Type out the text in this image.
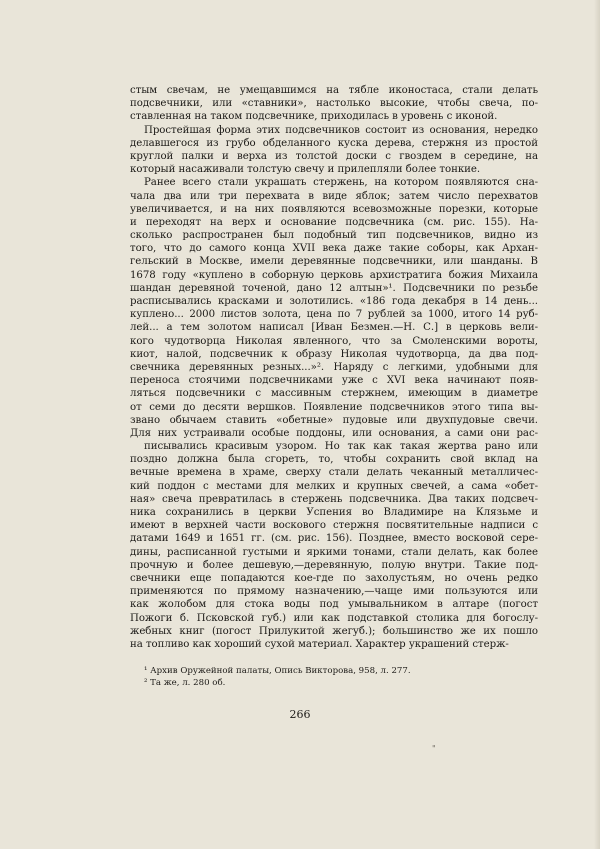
стым свечам, не умещавшимся на тябле иконостаса, стали делать
подсвечники, или «ставники», настолько высокие, чтобы свеча, по-
ставленная на таком подсвечнике, приходилась в уровень с иконой.
Простейшая форма этих подсвечников состоит из основания, нередко
делавшегося из грубо обделанного куска дерева, стержня из простой
круглой палки и верха из толстой доски с гвоздем в середине, на
который насаживали толстую свечу и прилепляли более тонкие.
Ранее всего стали украшать стержень, на котором появляются сна-
чала два или три перехвата в виде яблок; затем число перехватов
увеличивается, и на них появляются всевозможные порезки, которые
и переходят на верх и основание подсвечника (см. рис. 155). На-
сколько распространен был подобный тип подсвечников, видно из
того, что до самого конца XVII века даже такие соборы, как Архан-
гельский в Москве, имели деревянные подсвечники, или шанданы. В
1678 году «куплено в соборную церковь архистратига божия Михаила
шандан деревяной точеной, дано 12 алтын»¹. Подсвечники по резьбе
расписывались красками и золотились. «186 года декабря в 14 день...
куплено... 2000 листов золота, цена по 7 рублей за 1000, итого 14 руб-
лей... а тем золотом написал [Иван Безмен.—Н. С.] в церковь вели-
кого чудотворца Николая явленного, что за Смоленскими вороты,
киот, налой, подсвечник к образу Николая чудотворца, да два под-
свечника деревянных резных...»². Наряду с легкими, удобными для
переноса стоячими подсвечниками уже с XVI века начинают появ-
ляться подсвечники с массивным стержнем, имеющим в диаметре
от семи до десяти вершков. Появление подсвечников этого типа вы-
звано обычаем ставить «обетные» пудовые или двухпудовые свечи.
Для них устраивали особые поддоны, или основания, а сами они рас-
писывались красивым узором. Но так как такая жертва рано или
поздно должна была сгореть, то, чтобы сохранить свой вклад на
вечные времена в храме, сверху стали делать чеканный металличес-
кий поддон с местами для мелких и крупных свечей, а сама «обет-
ная» свеча превратилась в стержень подсвечника. Два таких подсвеч-
ника сохранились в церкви Успения во Владимире на Клязьме и
имеют в верхней части воскового стержня посвятительные надписи с
датами 1649 и 1651 гг. (см. рис. 156). Позднее, вместо восковой сере-
дины, расписанной густыми и яркими тонами, стали делать, как более
прочную и более дешевую,—деревянную, полую внутри. Такие под-
свечники еще попадаются кое-где по захолустьям, но очень редко
применяются по прямому назначению,—чаще ими пользуются или
как жолобом для стока воды под умывальником в алтаре (погост
Пожоги б. Псковской губ.) или как подставкой столика для богослу-
жебных книг (погост Прилукитой жегуб.); большинство же их пошло
на топливо как хороший сухой материал. Характер украшений стерж-
¹ Архив Оружейной палаты, Опись Викторова, 958, л. 277.
² Та же, л. 280 об.
266
"
